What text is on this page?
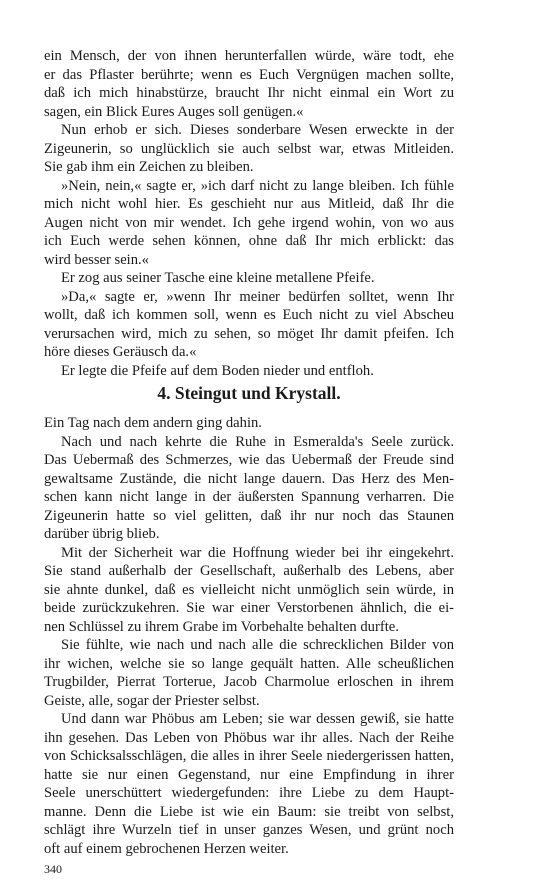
ein Mensch, der von ihnen herunterfallen würde, wäre todt, ehe
er das Pflaster berührte; wenn es Euch Vergnügen machen sollte,
daß ich mich hinabstürze, braucht Ihr nicht einmal ein Wort zu
sagen, ein Blick Eures Auges soll genügen.«
Nun erhob er sich. Dieses sonderbare Wesen erweckte in der
Zigeunerin, so unglücklich sie auch selbst war, etwas Mitleiden.
Sie gab ihm ein Zeichen zu bleiben.
»Nein, nein,« sagte er, »ich darf nicht zu lange bleiben. Ich fühle
mich nicht wohl hier. Es geschieht nur aus Mitleid, daß Ihr die
Augen nicht von mir wendet. Ich gehe irgend wohin, von wo aus
ich Euch werde sehen können, ohne daß Ihr mich erblickt: das
wird besser sein.«
Er zog aus seiner Tasche eine kleine metallene Pfeife.
»Da,« sagte er, »wenn Ihr meiner bedürfen solltet, wenn Ihr
wollt, daß ich kommen soll, wenn es Euch nicht zu viel Abscheu
verursachen wird, mich zu sehen, so möget Ihr damit pfeifen. Ich
höre dieses Geräusch da.«
Er legte die Pfeife auf dem Boden nieder und entfloh.
4. Steingut und Krystall.
Ein Tag nach dem andern ging dahin.
Nach und nach kehrte die Ruhe in Esmeralda's Seele zurück.
Das Uebermaß des Schmerzes, wie das Uebermaß der Freude sind
gewaltsame Zustände, die nicht lange dauern. Das Herz des Men-
schen kann nicht lange in der äußersten Spannung verharren. Die
Zigeunerin hatte so viel gelitten, daß ihr nur noch das Staunen
darüber übrig blieb.
Mit der Sicherheit war die Hoffnung wieder bei ihr eingekehrt.
Sie stand außerhalb der Gesellschaft, außerhalb des Lebens, aber
sie ahnte dunkel, daß es vielleicht nicht unmöglich sein würde, in
beide zurückzukehren. Sie war einer Verstorbenen ähnlich, die ei-
nen Schlüssel zu ihrem Grabe im Vorbehalte behalten durfte.
Sie fühlte, wie nach und nach alle die schrecklichen Bilder von
ihr wichen, welche sie so lange gequält hatten. Alle scheußlichen
Trugbilder, Pierrat Torterue, Jacob Charmolue erloschen in ihrem
Geiste, alle, sogar der Priester selbst.
Und dann war Phöbus am Leben; sie war dessen gewiß, sie hatte
ihn gesehen. Das Leben von Phöbus war ihr alles. Nach der Reihe
von Schicksalsschlägen, die alles in ihrer Seele niedergerissen hatten,
hatte sie nur einen Gegenstand, nur eine Empfindung in ihrer
Seele unerschüttert wiedergefunden: ihre Liebe zu dem Haupt-
manne. Denn die Liebe ist wie ein Baum: sie treibt von selbst,
schlägt ihre Wurzeln tief in unser ganzes Wesen, und grünt noch
oft auf einem gebrochenen Herzen weiter.
340
